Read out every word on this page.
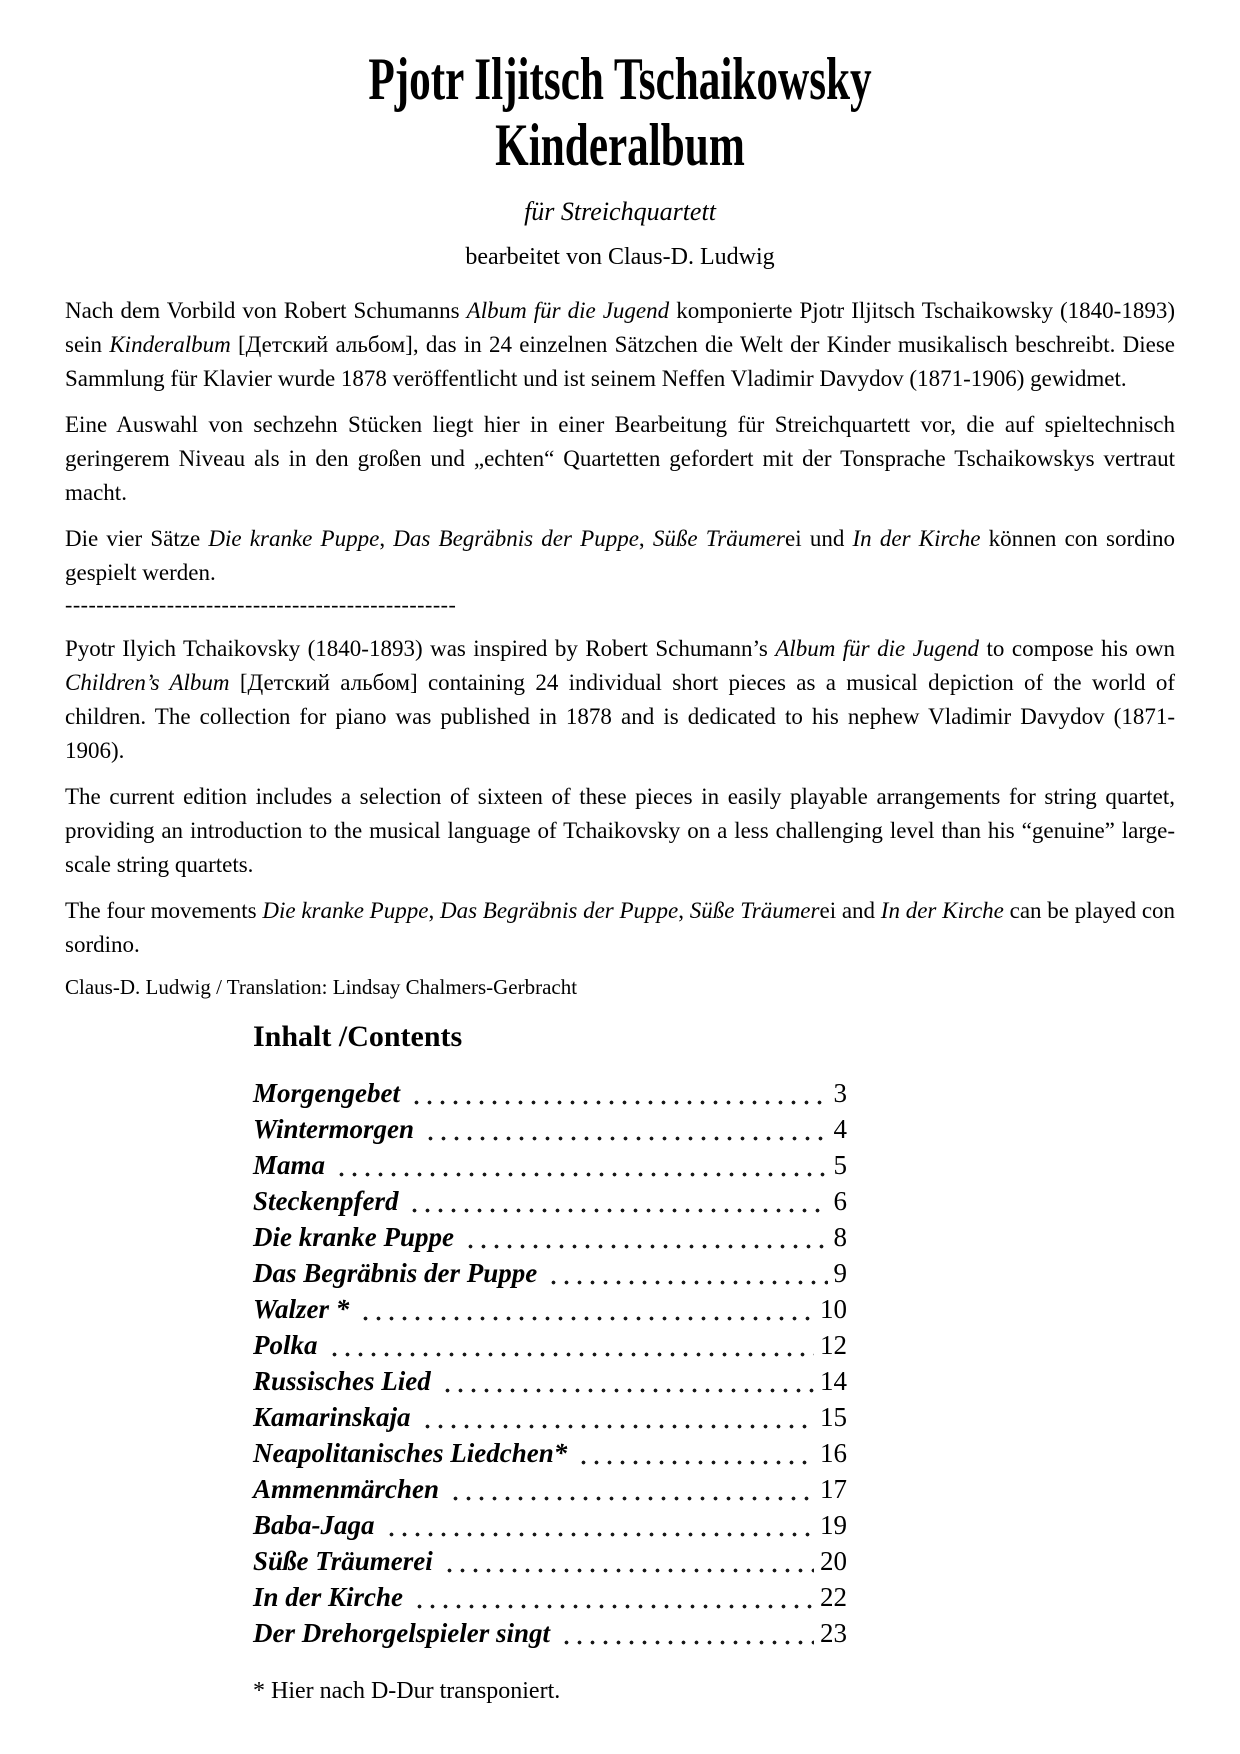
Pjotr Iljitsch Tschaikowsky
Kinderalbum
für Streichquartett
bearbeitet von Claus-D. Ludwig

Nach dem Vorbild von Robert Schumanns Album für die Jugend komponierte Pjotr Iljitsch Tschaikowsky (1840-1893) sein Kinderalbum [Детский альбом], das in 24 einzelnen Sätzchen die Welt der Kinder musikalisch beschreibt. Diese Sammlung für Klavier wurde 1878 veröffentlicht und ist seinem Neffen Vladimir Davydov (1871-1906) gewidmet.

Eine Auswahl von sechzehn Stücken liegt hier in einer Bearbeitung für Streichquartett vor, die auf spieltechnisch geringerem Niveau als in den großen und „echten“ Quartetten gefordert mit der Tonsprache Tschaikowskys vertraut macht.

Die vier Sätze Die kranke Puppe, Das Begräbnis der Puppe, Süße Träumerei und In der Kirche können con sordino gespielt werden.

--------------------------------------------------

Pyotr Ilyich Tchaikovsky (1840-1893) was inspired by Robert Schumann’s Album für die Jugend to compose his own Children’s Album [Детский альбом] containing 24 individual short pieces as a musical depiction of the world of children. The collection for piano was published in 1878 and is dedicated to his nephew Vladimir Davydov (1871-1906).

The current edition includes a selection of sixteen of these pieces in easily playable arrangements for string quartet, providing an introduction to the musical language of Tchaikovsky on a less challenging level than his “genuine” large-scale string quartets.

The four movements Die kranke Puppe, Das Begräbnis der Puppe, Süße Träumerei and In der Kirche can be played con sordino.

Claus-D. Ludwig / Translation: Lindsay Chalmers-Gerbracht
Inhalt /Contents
Morgengebet	3
Wintermorgen	4
Mama	5
Steckenpferd	6
Die kranke Puppe	8
Das Begräbnis der Puppe	9
Walzer *	10
Polka	12
Russisches Lied	14
Kamarinskaja	15
Neapolitanisches Liedchen*	16
Ammenmärchen	17
Baba-Jaga	19
Süße Träumerei	20
In der Kirche	22
Der Drehorgelspieler singt	23
* Hier nach D-Dur transponiert.
